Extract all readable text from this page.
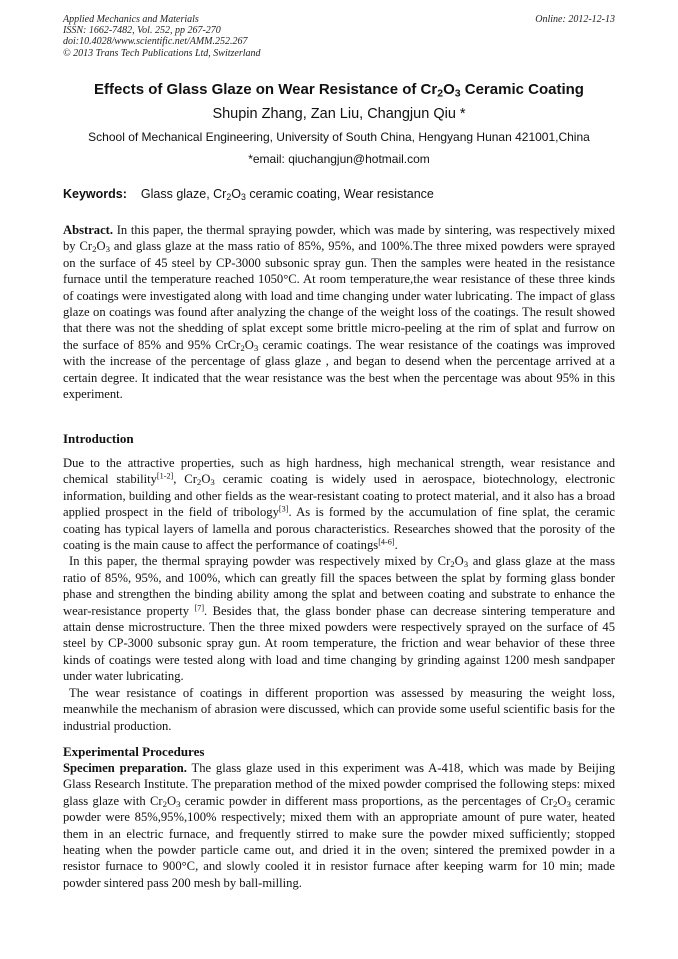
Applied Mechanics and Materials
ISSN: 1662-7482, Vol. 252, pp 267-270
doi:10.4028/www.scientific.net/AMM.252.267
© 2013 Trans Tech Publications Ltd, Switzerland
Online: 2012-12-13
Effects of Glass Glaze on Wear Resistance of $Cr_2O_3$ Ceramic Coating
Shupin Zhang, Zan Liu, Changjun Qiu *
School of Mechanical Engineering, University of South China, Hengyang Hunan 421001,China
*email: qiuchangjun@hotmail.com
Keywords: Glass glaze, $Cr_2O_3$ ceramic coating, Wear resistance
Abstract. In this paper, the thermal spraying powder, which was made by sintering, was respectively mixed by $Cr_2O_3$ and glass glaze at the mass ratio of 85%, 95%, and 100%.The three mixed powders were sprayed on the surface of 45 steel by CP-3000 subsonic spray gun. Then the samples were heated in the resistance furnace until the temperature reached 1050°C. At room temperature,the wear resistance of these three kinds of coatings were investigated along with load and time changing under water lubricating. The impact of glass glaze on coatings was found after analyzing the change of the weight loss of the coatings. The result showed that there was not the shedding of splat except some brittle micro-peeling at the rim of splat and furrow on the surface of 85% and 95% $CrCr_2O_3$ ceramic coatings. The wear resistance of the coatings was improved with the increase of the percentage of glass glaze , and began to desend when the percentage arrived at a certain degree. It indicated that the wear resistance was the best when the percentage was about 95% in this experiment.
Introduction

Due to the attractive properties, such as high hardness, high mechanical strength, wear resistance and chemical stability[1-2], $Cr_2O_3$ ceramic coating is widely used in aerospace, biotechnology, electronic information, building and other fields as the wear-resistant coating to protect material, and it also has a broad applied prospect in the field of tribology[3]. As is formed by the accumulation of fine splat, the ceramic coating has typical layers of lamella and porous characteristics. Researches showed that the porosity of the coating is the main cause to affect the performance of coatings[4-6].

In this paper, the thermal spraying powder was respectively mixed by $Cr_2O_3$ and glass glaze at the mass ratio of 85%, 95%, and 100%, which can greatly fill the spaces between the splat by forming glass bonder phase and strengthen the binding ability among the splat and between coating and substrate to enhance the wear-resistance property [7]. Besides that, the glass bonder phase can decrease sintering temperature and attain dense microstructure. Then the three mixed powders were respectively sprayed on the surface of 45 steel by CP-3000 subsonic spray gun. At room temperature, the friction and wear behavior of these three kinds of coatings were tested along with load and time changing by grinding against 1200 mesh sandpaper under water lubricating.

The wear resistance of coatings in different proportion was assessed by measuring the weight loss, meanwhile the mechanism of abrasion were discussed, which can provide some useful scientific basis for the industrial production.

Experimental Procedures
Specimen preparation. The glass glaze used in this experiment was A-418, which was made by Beijing Glass Research Institute. The preparation method of the mixed powder comprised the following steps: mixed glass glaze with $Cr_2O_3$ ceramic powder in different mass proportions, as the percentages of $Cr_2O_3$ ceramic powder were 85%,95%,100% respectively; mixed them with an appropriate amount of pure water, heated them in an electric furnace, and frequently stirred to make sure the powder mixed sufficiently; stopped heating when the powder particle came out, and dried it in the oven; sintered the premixed powder in a resistor furnace to 900°C, and slowly cooled it in resistor furnace after keeping warm for 10 min; made powder sintered pass 200 mesh by ball-milling.
